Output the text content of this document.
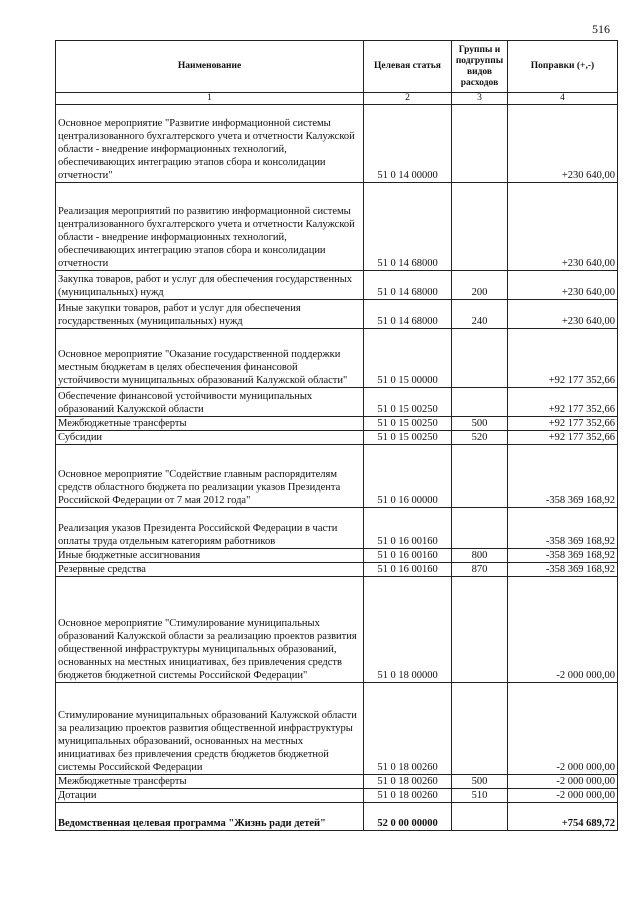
516
Наименование	Целевая статья	Группы и подгруппы видов расходов	Поправки (+,-)
1	2	3	4
Основное мероприятие "Развитие информационной системы централизованного бухгалтерского учета и отчетности Калужской области - внедрение информационных технологий, обеспечивающих интеграцию этапов сбора и консолидации отчетности"	51 0 14 00000		+230 640,00
Реализация мероприятий по развитию информационной системы централизованного бухгалтерского учета и отчетности Калужской области - внедрение информационных технологий, обеспечивающих интеграцию этапов сбора и консолидации отчетности	51 0 14 68000		+230 640,00
Закупка товаров, работ и услуг для обеспечения государственных (муниципальных) нужд	51 0 14 68000	200	+230 640,00
Иные закупки товаров, работ и услуг для обеспечения государственных (муниципальных) нужд	51 0 14 68000	240	+230 640,00
Основное мероприятие "Оказание государственной поддержки местным бюджетам в целях обеспечения финансовой устойчивости муниципальных образований Калужской области"	51 0 15 00000		+92 177 352,66
Обеспечение финансовой устойчивости муниципальных образований Калужской области	51 0 15 00250		+92 177 352,66
Межбюджетные трансферты	51 0 15 00250	500	+92 177 352,66
Субсидии	51 0 15 00250	520	+92 177 352,66
Основное мероприятие "Содействие главным распорядителям средств областного бюджета по реализации указов Президента Российской Федерации от 7 мая 2012 года"	51 0 16 00000		-358 369 168,92
Реализация указов Президента Российской Федерации в части оплаты труда отдельным категориям работников	51 0 16 00160		-358 369 168,92
Иные бюджетные ассигнования	51 0 16 00160	800	-358 369 168,92
Резервные средства	51 0 16 00160	870	-358 369 168,92
Основное мероприятие "Стимулирование муниципальных образований Калужской области за реализацию проектов развития общественной инфраструктуры муниципальных образований, основанных на местных инициативах, без привлечения средств бюджетов бюджетной системы Российской Федерации"	51 0 18 00000		-2 000 000,00
Стимулирование муниципальных образований Калужской области за реализацию проектов развития общественной инфраструктуры муниципальных образований, основанных на местных инициативах без привлечения средств бюджетов бюджетной системы Российской Федерации	51 0 18 00260		-2 000 000,00
Межбюджетные трансферты	51 0 18 00260	500	-2 000 000,00
Дотации	51 0 18 00260	510	-2 000 000,00
Ведомственная целевая программа "Жизнь ради детей"	52 0 00 00000		+754 689,72
